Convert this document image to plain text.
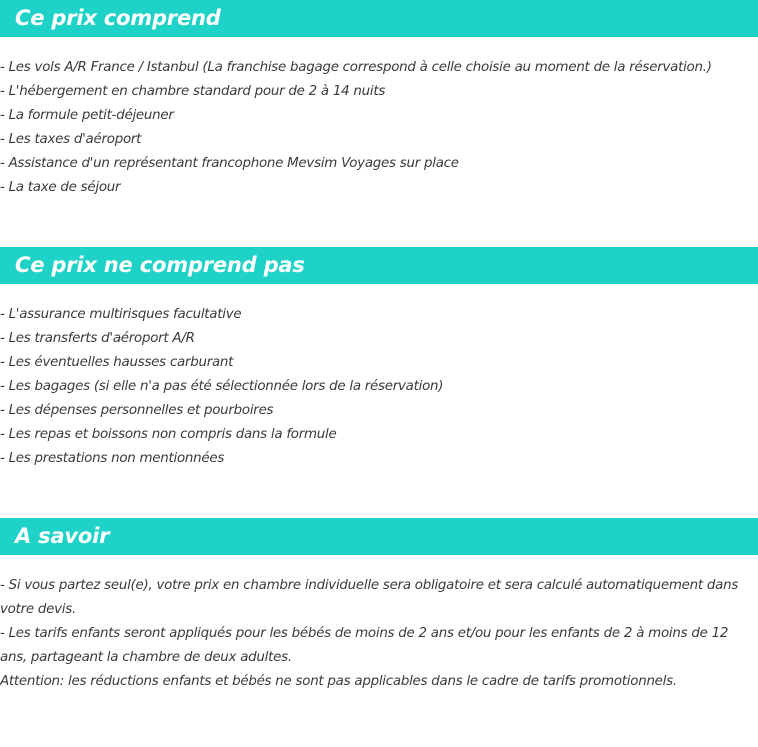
Ce prix comprend
- Les vols A/R France / Istanbul (La franchise bagage correspond à celle choisie au moment de la réservation.)
- L'hébergement en chambre standard pour de 2 à 14 nuits
- La formule petit-déjeuner
- Les taxes d'aéroport
- Assistance d'un représentant francophone Mevsim Voyages sur place
- La taxe de séjour
Ce prix ne comprend pas
- L'assurance multirisques facultative
- Les transferts d'aéroport A/R
- Les éventuelles hausses carburant
- Les bagages (si elle n'a pas été sélectionnée lors de la réservation)
- Les dépenses personnelles et pourboires
- Les repas et boissons non compris dans la formule
- Les prestations non mentionnées
A savoir
- Si vous partez seul(e), votre prix en chambre individuelle sera obligatoire et sera calculé automatiquement dans votre devis.
- Les tarifs enfants seront appliqués pour les bébés de moins de 2 ans et/ou pour les enfants de 2 à moins de 12 ans, partageant la chambre de deux adultes.
Attention: les réductions enfants et bébés ne sont pas applicables dans le cadre de tarifs promotionnels.
